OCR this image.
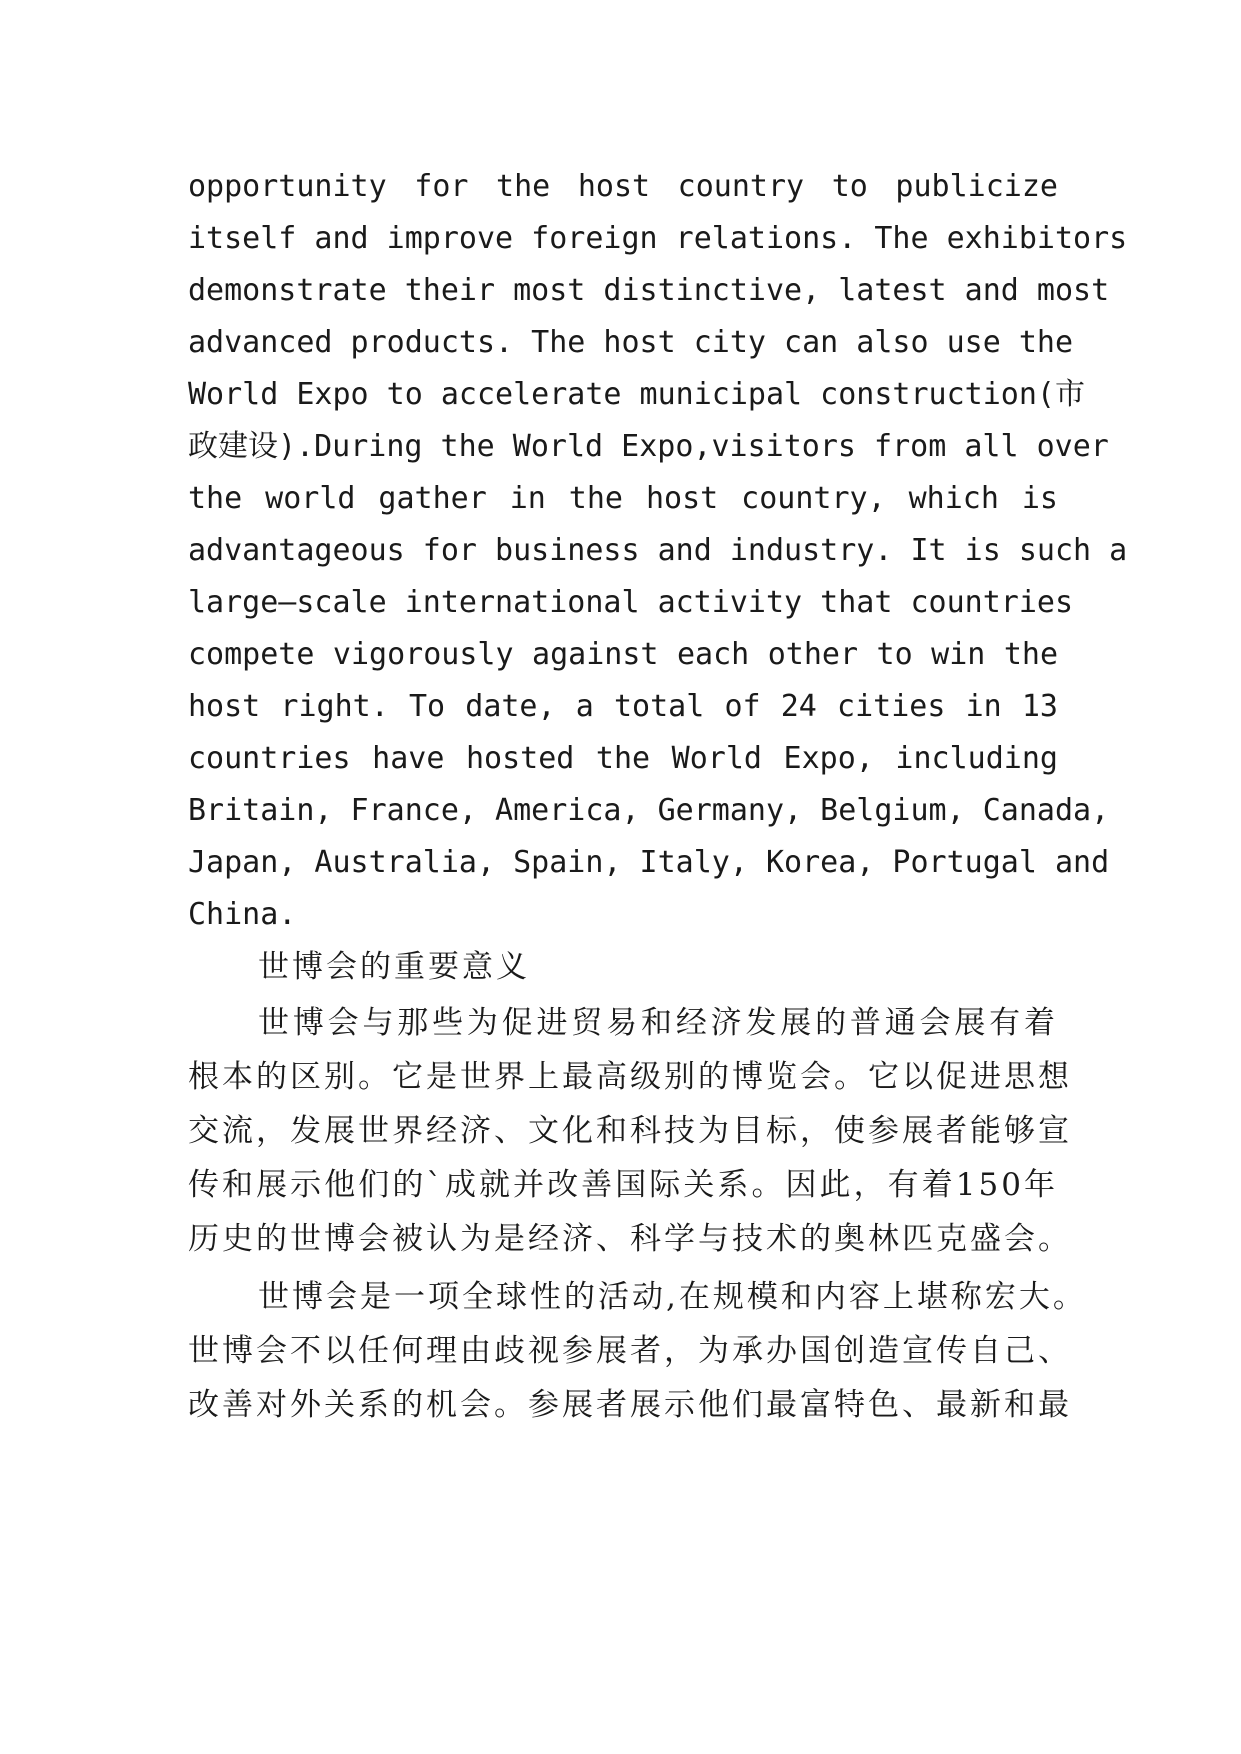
opportunity for the host country to publicize
itself and improve foreign relations. The exhibitors
demonstrate their most distinctive, latest and most
advanced products. The host city can also use the
World Expo to accelerate municipal construction(市
政建设).During the World Expo,visitors from all over
the world gather in the host country, which is
advantageous for business and industry. It is such a
large—scale international activity that countries
compete vigorously against each other to win the
host right. To date, a total of 24 cities in 13
countries have hosted the World Expo, including
Britain, France, America, Germany, Belgium, Canada,
Japan, Australia, Spain, Italy, Korea, Portugal and
China.
世博会的重要意义
世博会与那些为促进贸易和经济发展的普通会展有着
根本的区别。它是世界上最高级别的博览会。它以促进思想
交流，发展世界经济、文化和科技为目标，使参展者能够宣
传和展示他们的`成就并改善国际关系。因此，有着150年
历史的世博会被认为是经济、科学与技术的奥林匹克盛会。
世博会是一项全球性的活动,在规模和内容上堪称宏大。
世博会不以任何理由歧视参展者，为承办国创造宣传自己、
改善对外关系的机会。参展者展示他们最富特色、最新和最
